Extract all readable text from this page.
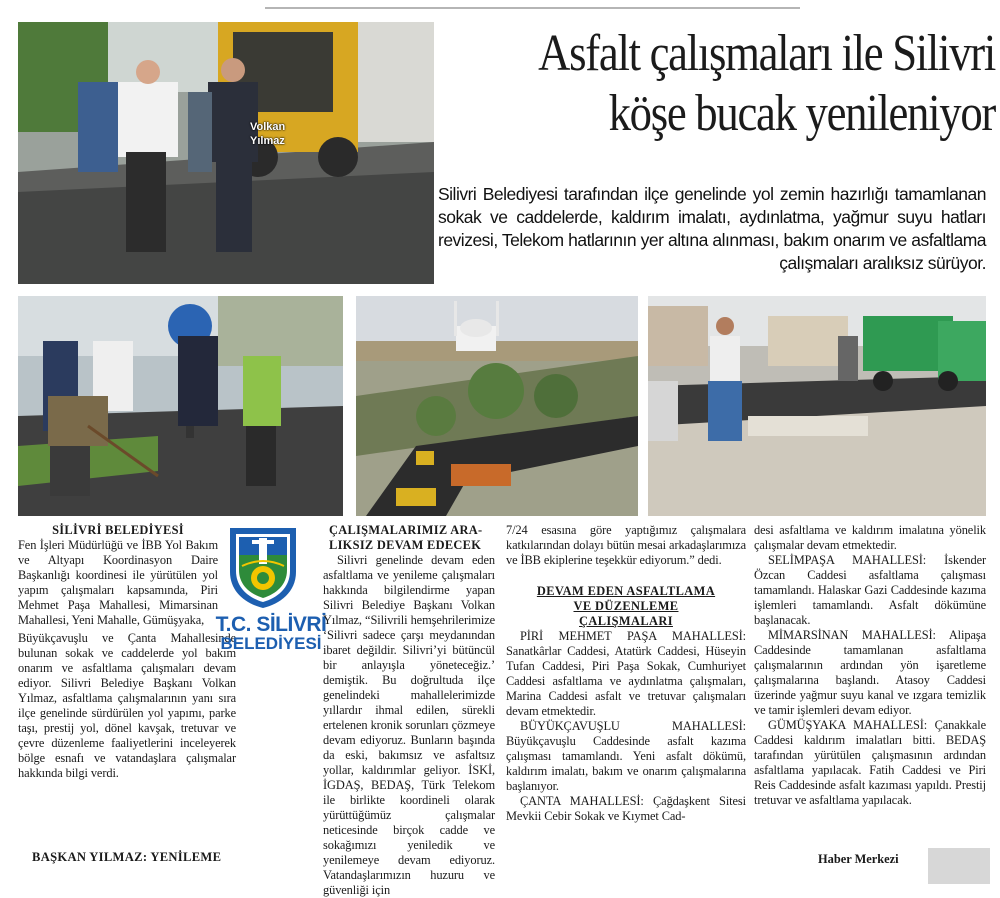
Volkan
Yılmaz
Asfalt çalışmaları ile Silivri
köşe bucak yenileniyor
Silivri Belediyesi tarafından ilçe genelinde yol zemin hazırlığı tamamlanan sokak ve caddelerde, kaldırım imalatı, aydınlatma, yağmur suyu hatları revizesi, Telekom hatlarının yer altına alınması, bakım onarım ve asfaltlama çalışmaları aralıksız sürüyor.

SİLİVRİ BELEDİYESİ

Fen İşleri Müdürlüğü ve İBB Yol Bakım ve Altyapı Koordinasyon Daire Başkanlığı koordinesi ile yürütülen yol yapım çalışmaları kapsamında, Piri Mehmet Paşa Mahallesi, Mimarsinan Mahallesi, Yeni Mahalle, Gümüşyaka,

Büyükçavuşlu ve Çanta Mahallesinde bulunan sokak ve caddelerde yol bakım onarım ve asfaltlama çalışmaları devam ediyor. Silivri Belediye Başkanı Volkan Yılmaz, asfaltlama çalışmalarının yanı sıra ilçe genelinde sürdürülen yol yapımı, parke taşı, prestij yol, dönel kavşak, tretuvar ve çevre düzenleme faaliyetlerini inceleyerek bölge esnafı ve vatandaşlara çalışmalar hakkında bilgi verdi.

T.C. SİLİVRİ
BELEDİYESİ
BAŞKAN YILMAZ: YENİLEME

ÇALIŞMALARIMIZ ARA-

LIKSIZ DEVAM EDECEK

Silivri genelinde devam eden asfaltlama ve yenileme çalışmaları hakkında bilgilendirme yapan Silivri Belediye Başkanı Volkan Yılmaz, “Silivrili hemşehrilerimize ‘Silivri sadece çarşı meydanından ibaret değildir. Silivri’yi bütüncül bir anlayışla yöneteceğiz.’ demiştik. Bu doğrultuda ilçe genelindeki mahallelerimizde yıllardır ihmal edilen, sürekli ertelenen kronik sorunları çözmeye devam ediyoruz. Bunların başında da eski, bakımsız ve asfaltsız yollar, kaldırımlar geliyor. İSKİ, İGDAŞ, BEDAŞ, Türk Telekom ile birlikte koordineli olarak yürüttüğümüz çalışmalar neticesinde birçok cadde ve sokağımızı yeniledik ve yenilemeye devam ediyoruz. Vatandaşlarımızın huzuru ve güvenliği için

7/24 esasına göre yaptığımız çalışmalara katkılarından dolayı bütün mesai arkadaşlarımıza ve İBB ekiplerine teşekkür ediyorum.” dedi.

DEVAM EDEN ASFALTLAMA

VE DÜZENLEME

ÇALIŞMALARI

PİRİ MEHMET PAŞA MAHALLESİ: Sanatkârlar Caddesi, Atatürk Caddesi, Hüseyin Tufan Caddesi, Piri Paşa Sokak, Cumhuriyet Caddesi asfaltlama ve aydınlatma çalışmaları, Marina Caddesi asfalt ve tretuvar çalışmaları devam etmektedir.

BÜYÜKÇAVUŞLU MAHALLESİ: Büyükçavuşlu Caddesinde asfalt kazıma çalışması tamamlandı. Yeni asfalt dökümü, kaldırım imalatı, bakım ve onarım çalışmalarına başlanıyor.

ÇANTA MAHALLESİ: Çağdaşkent Sitesi Mevkii Cebir Sokak ve Kıymet Cad-

desi asfaltlama ve kaldırım imalatına yönelik çalışmalar devam etmektedir.

SELİMPAŞA MAHALLESİ: İskender Özcan Caddesi asfaltlama çalışması tamamlandı. Halaskar Gazi Caddesinde kazıma işlemleri tamamlandı. Asfalt dökümüne başlanacak.

MİMARSİNAN MAHALLESİ: Alipaşa Caddesinde tamamlanan asfaltlama çalışmalarının ardından yön işaretleme çalışmalarına başlandı. Atasoy Caddesi üzerinde yağmur suyu kanal ve ızgara temizlik ve tamir işlemleri devam ediyor.

GÜMÜŞYAKA MAHALLESİ: Çanakkale Caddesi kaldırım imalatları bitti. BEDAŞ tarafından yürütülen çalışmasının ardından asfaltlama yapılacak. Fatih Caddesi ve Piri Reis Caddesinde asfalt kazıması yapıldı. Prestij tretuvar ve asfaltlama yapılacak.

Haber Merkezi
